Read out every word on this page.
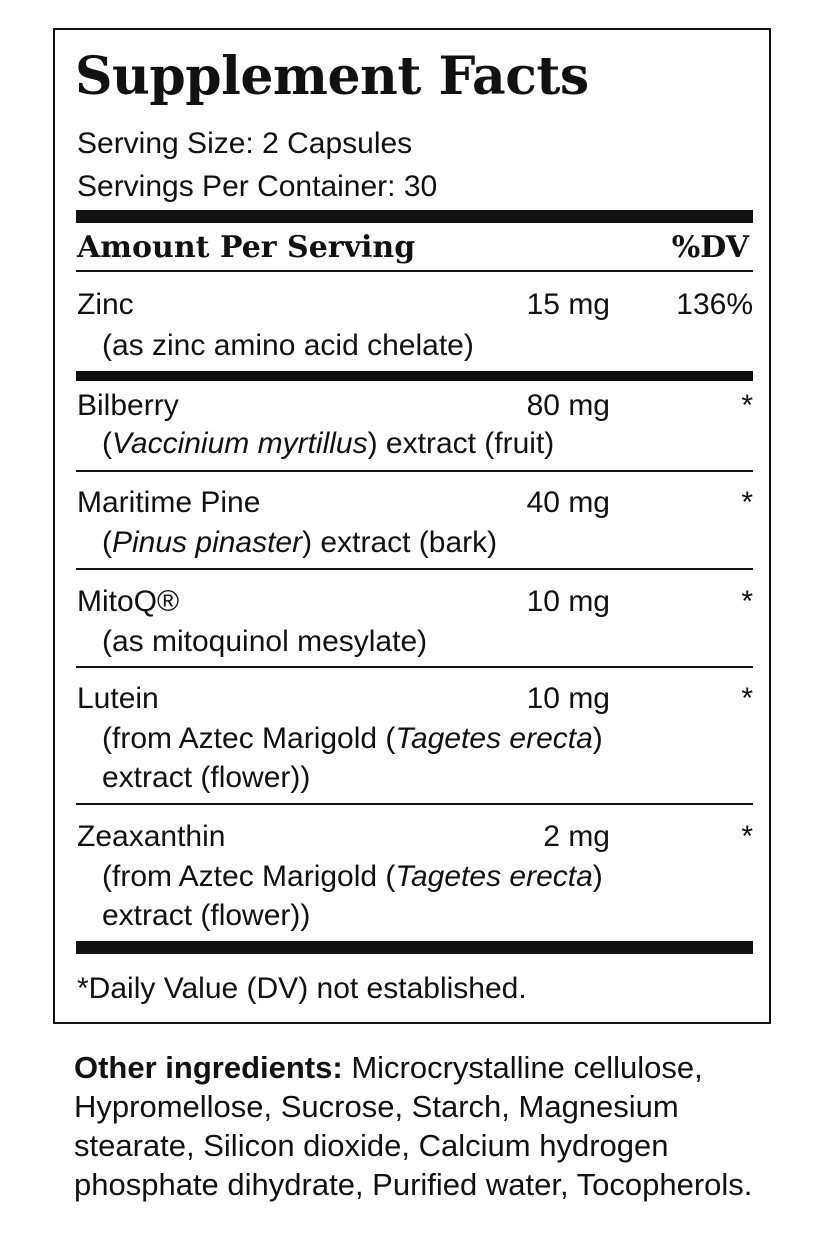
Supplement Facts
Serving Size: 2 Capsules
Servings Per Container: 30
Amount Per Serving	%DV
Zinc	15 mg 136%
(as zinc amino acid chelate)
Bilberry	80 mg	*
(Vaccinium myrtillus) extract (fruit)
Maritime Pine	40 mg	*
(Pinus pinaster) extract (bark)
MitoQ®	10 mg	*
(as mitoquinol mesylate)
Lutein	10 mg	*
(from Aztec Marigold (Tagetes erecta)
extract (flower))
Zeaxanthin	2 mg	*
(from Aztec Marigold (Tagetes erecta)
extract (flower))
*Daily Value (DV) not established.
Other ingredients: Microcrystalline cellulose, Hypromellose, Sucrose, Starch, Magnesium stearate, Silicon dioxide, Calcium hydrogen phosphate dihydrate, Purified water, Tocopherols.
